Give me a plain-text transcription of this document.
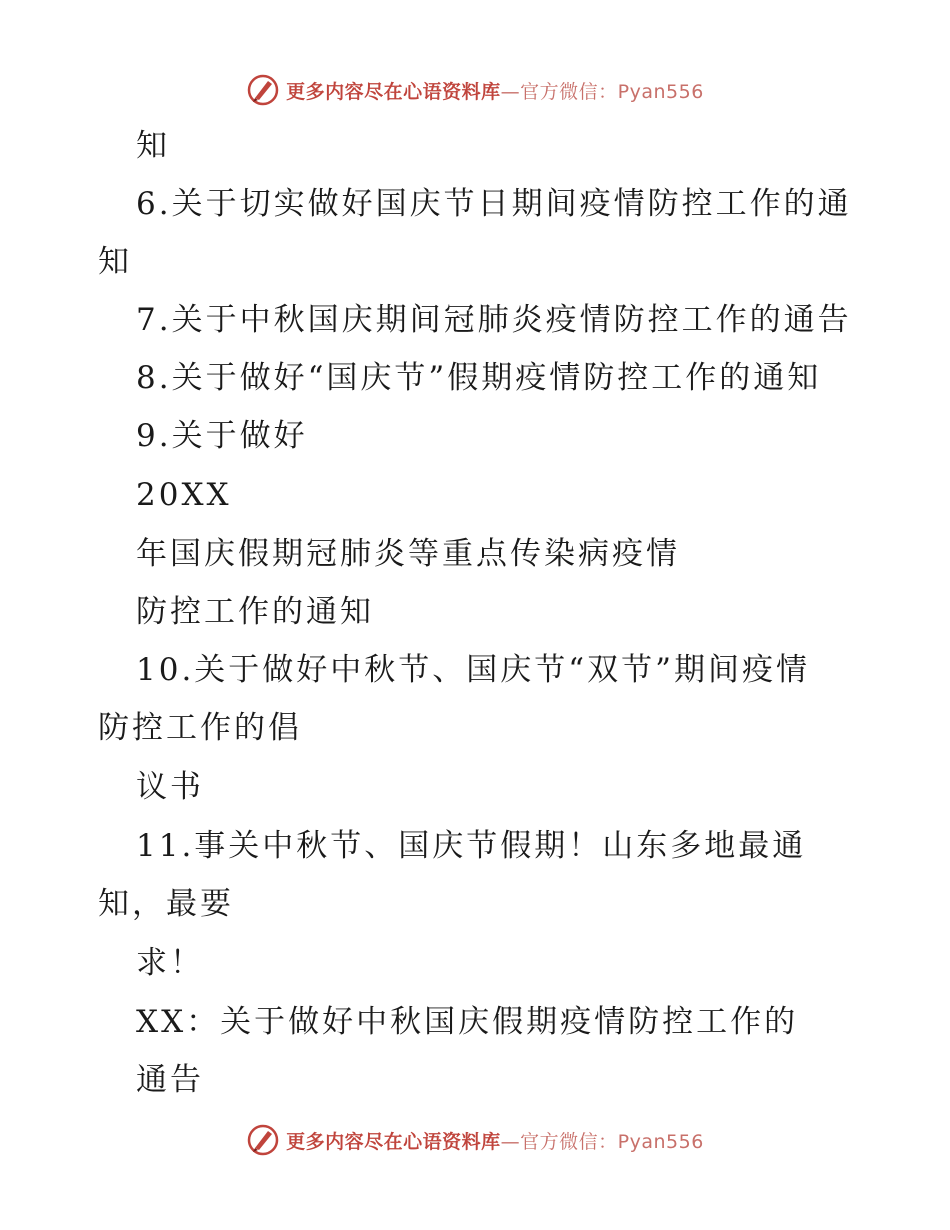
更多内容尽在心语资料库—官方微信：Pyan556
知
6.关于切实做好国庆节日期间疫情防控工作的通
知
7.关于中秋国庆期间冠肺炎疫情防控工作的通告
8.关于做好“国庆节”假期疫情防控工作的通知
9.关于做好
20XX
年国庆假期冠肺炎等重点传染病疫情
防控工作的通知
10.关于做好中秋节、国庆节“双节”期间疫情
防控工作的倡
议书
11.事关中秋节、国庆节假期！山东多地最通
知，最要
求！
XX：关于做好中秋国庆假期疫情防控工作的
通告
更多内容尽在心语资料库—官方微信：Pyan556
